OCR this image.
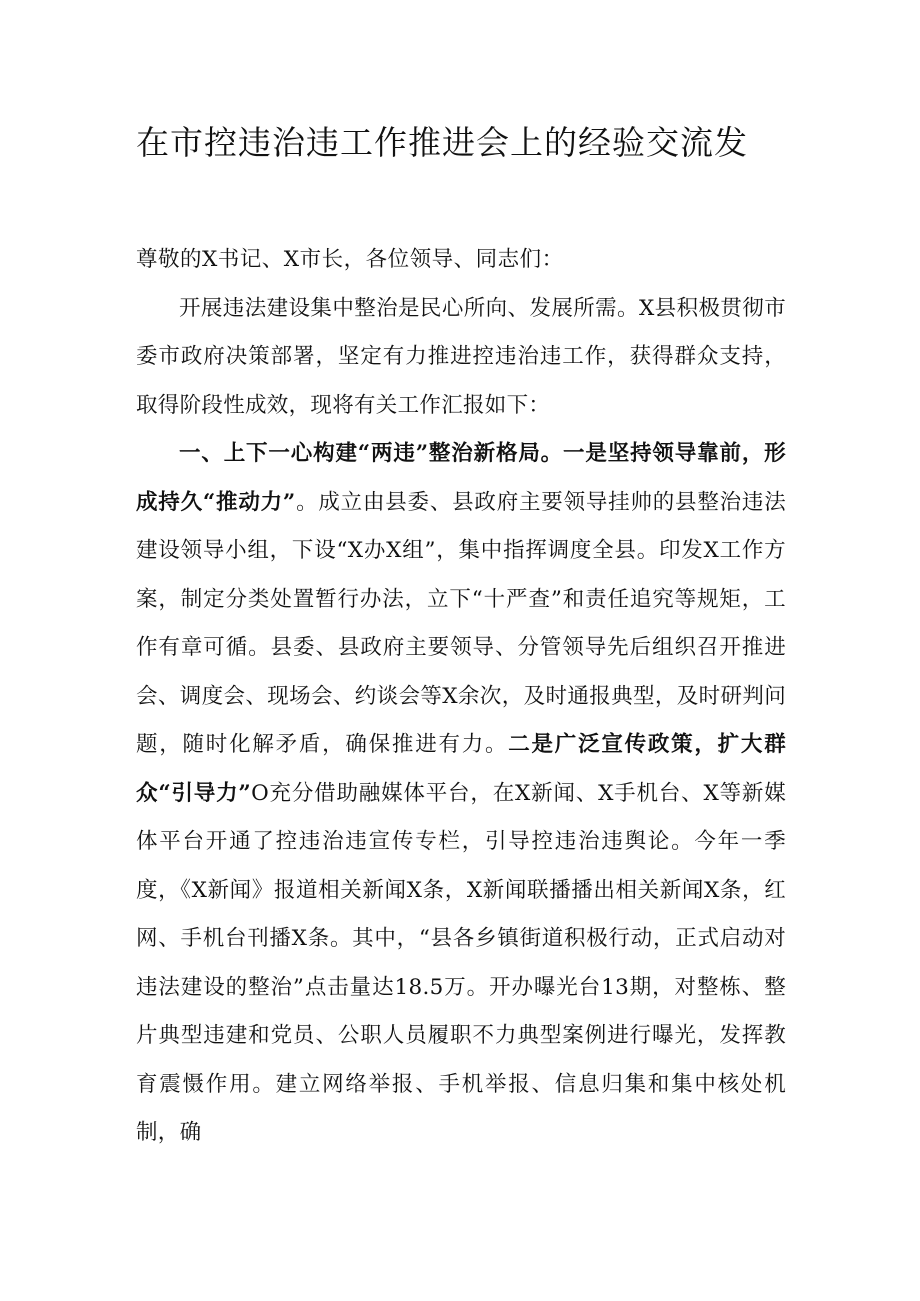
在市控违治违工作推进会上的经验交流发

尊敬的X书记、X市长，各位领导、同志们：

开展违法建设集中整治是民心所向、发展所需。X县积极贯彻市委市政府决策部署，坚定有力推进控违治违工作，获得群众支持，取得阶段性成效，现将有关工作汇报如下：

一、上下一心构建“两违”整治新格局。一是坚持领导靠前，形成持久“推动力”。成立由县委、县政府主要领导挂帅的县整治违法建设领导小组，下设“X办X组”，集中指挥调度全县。印发X工作方案，制定分类处置暂行办法，立下“十严查”和责任追究等规矩，工作有章可循。县委、县政府主要领导、分管领导先后组织召开推进会、调度会、现场会、约谈会等X余次，及时通报典型，及时研判问题，随时化解矛盾，确保推进有力。二是广泛宣传政策，扩大群众“引导力”O充分借助融媒体平台，在X新闻、X手机台、X等新媒体平台开通了控违治违宣传专栏，引导控违治违舆论。今年一季度，《X新闻》报道相关新闻X条，X新闻联播播出相关新闻X条，红网、手机台刊播X条。其中，“县各乡镇街道积极行动，正式启动对违法建设的整治”点击量达18.5万。开办曝光台13期，对整栋、整片典型违建和党员、公职人员履职不力典型案例进行曝光，发挥教育震慑作用。建立网络举报、手机举报、信息归集和集中核处机制，确
